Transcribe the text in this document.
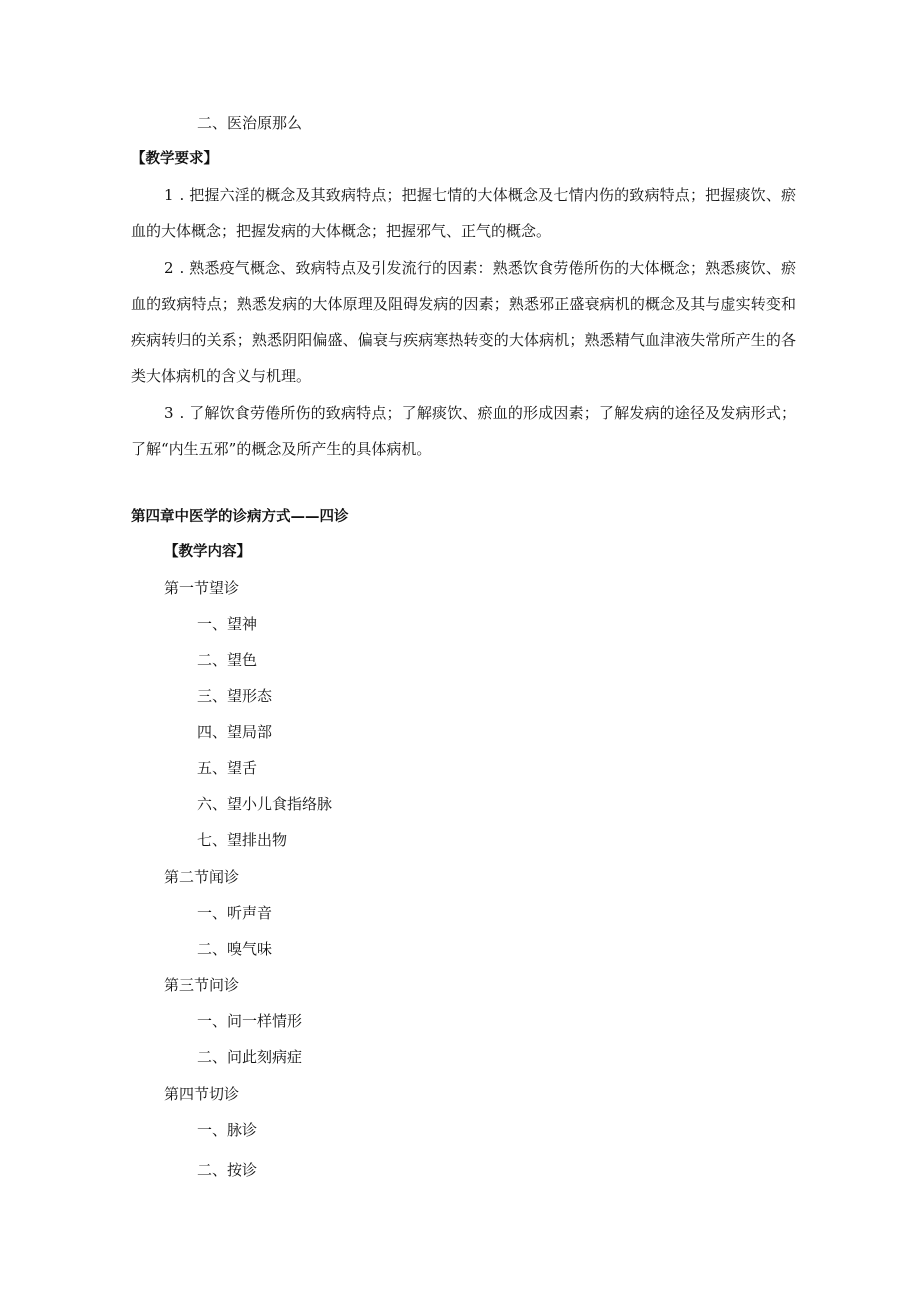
二、医治原那么
【教学要求】
1 . 把握六淫的概念及其致病特点；把握七情的大体概念及七情内伤的致病特点；把握痰饮、瘀血的大体概念；把握发病的大体概念；把握邪气、正气的概念。
2 . 熟悉疫气概念、致病特点及引发流行的因素：熟悉饮食劳倦所伤的大体概念；熟悉痰饮、瘀血的致病特点；熟悉发病的大体原理及阻碍发病的因素；熟悉邪正盛衰病机的概念及其与虚实转变和疾病转归的关系；熟悉阴阳偏盛、偏衰与疾病寒热转变的大体病机；熟悉精气血津液失常所产生的各类大体病机的含义与机理。
3 . 了解饮食劳倦所伤的致病特点；了解痰饮、瘀血的形成因素；了解发病的途径及发病形式；了解“内生五邪”的概念及所产生的具体病机。
第四章中医学的诊病方式——四诊
【教学内容】
第一节望诊
一、望神
二、望色
三、望形态
四、望局部
五、望舌
六、望小儿食指络脉
七、望排出物
第二节闻诊
一、听声音
二、嗅气味
第三节问诊
一、问一样情形
二、问此刻病症
第四节切诊
一、脉诊
二、按诊
